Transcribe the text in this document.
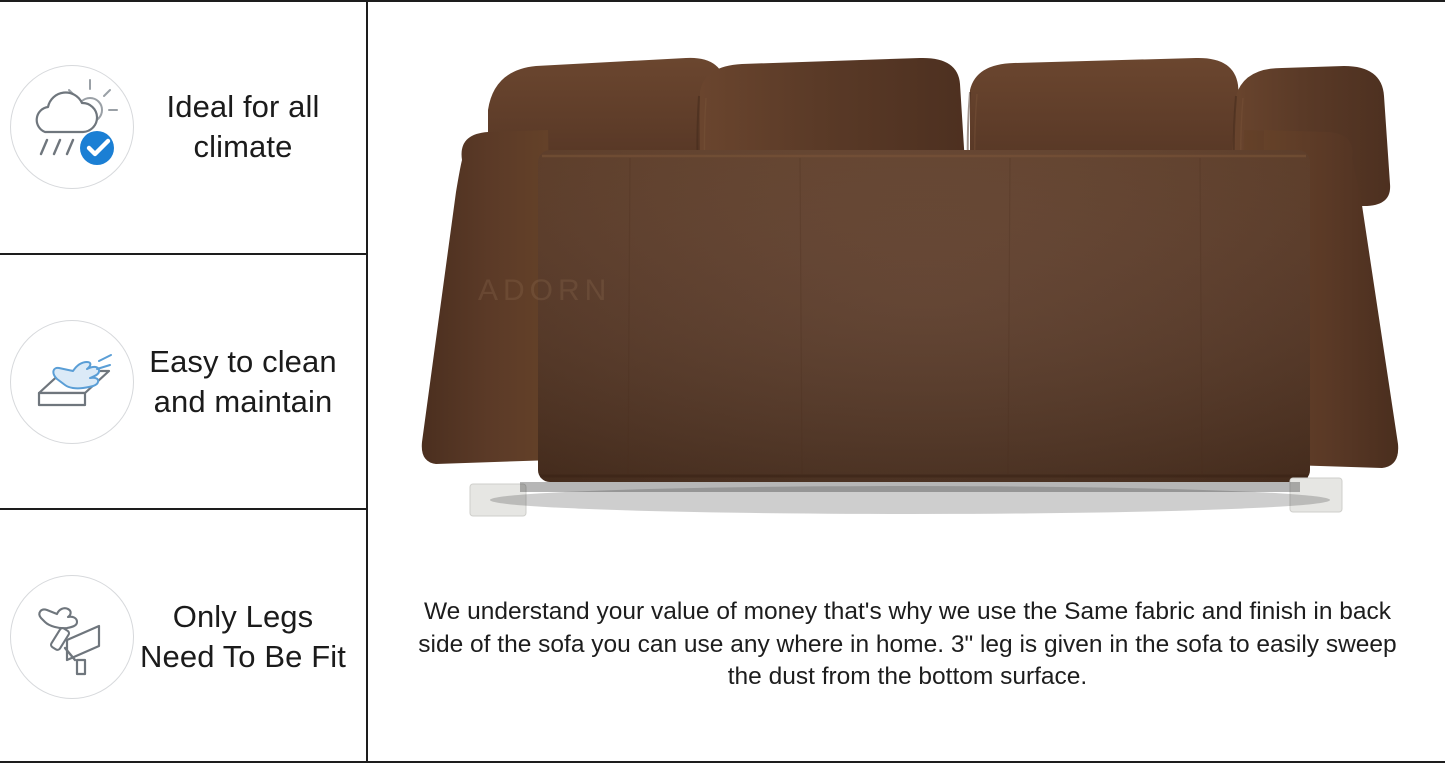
Ideal for all climate
Easy to clean and maintain
Only Legs Need To Be Fit
ADORN
We understand your value of money that's why we use the Same fabric and finish in back side of the sofa you can use any where in home. 3" leg is given in the sofa to easily sweep the dust from the bottom surface.
